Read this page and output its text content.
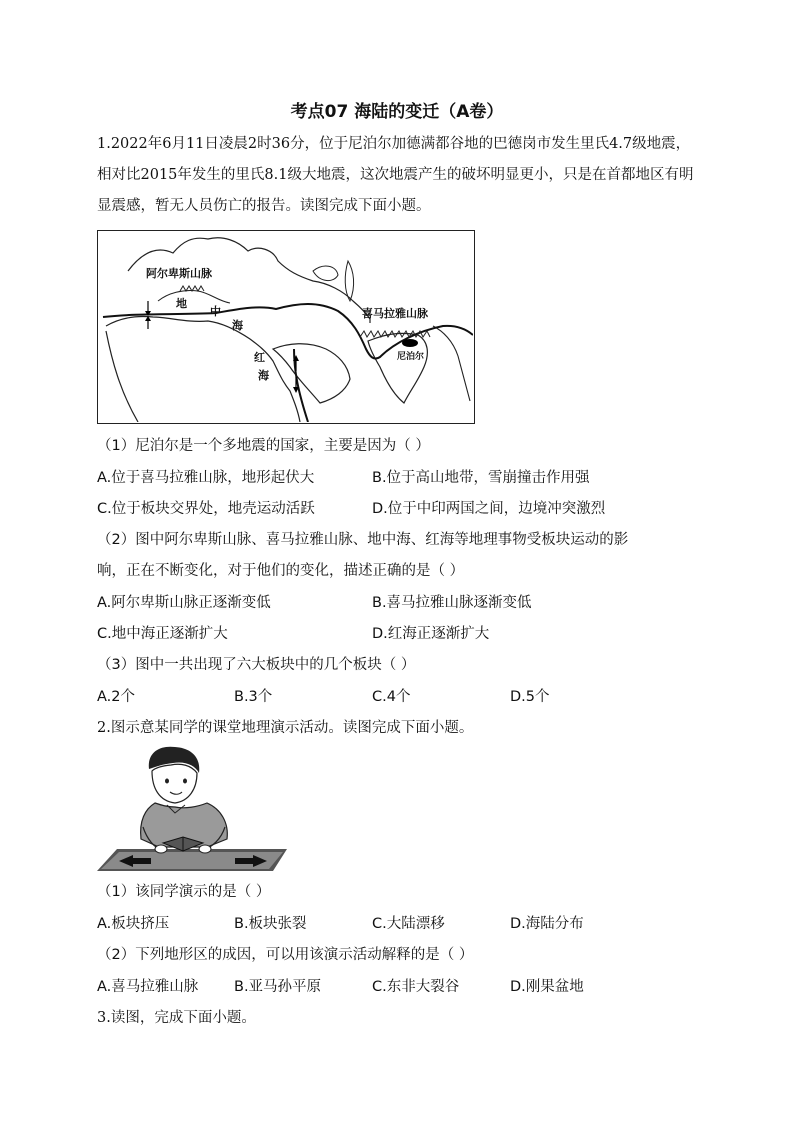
考点07 海陆的变迁（A卷）
1.2022年6月11日凌晨2时36分，位于尼泊尔加德满都谷地的巴德岗市发生里氏4.7级地震，相对比2015年发生的里氏8.1级大地震，这次地震产生的破坏明显更小，只是在首都地区有明显震感，暂无人员伤亡的报告。读图完成下面小题。
阿尔卑斯山脉
地
中
海
喜马拉雅山脉
尼泊尔
红
海
（1）尼泊尔是一个多地震的国家，主要是因为（ ）
A.位于喜马拉雅山脉，地形起伏大	B.位于高山地带，雪崩撞击作用强
C.位于板块交界处，地壳运动活跃	D.位于中印两国之间，边境冲突激烈
（2）图中阿尔卑斯山脉、喜马拉雅山脉、地中海、红海等地理事物受板块运动的影
响，正在不断变化，对于他们的变化，描述正确的是（ ）
A.阿尔卑斯山脉正逐渐变低	B.喜马拉雅山脉逐渐变低
C.地中海正逐渐扩大	D.红海正逐渐扩大
（3）图中一共出现了六大板块中的几个板块（ ）
A.2个	B.3个	C.4个	D.5个
2.图示意某同学的课堂地理演示活动。读图完成下面小题。
（1）该同学演示的是（ ）
A.板块挤压	B.板块张裂	C.大陆漂移	D.海陆分布
（2）下列地形区的成因，可以用该演示活动解释的是（ ）
A.喜马拉雅山脉 B.亚马孙平原	C.东非大裂谷	D.刚果盆地
3.读图，完成下面小题。
